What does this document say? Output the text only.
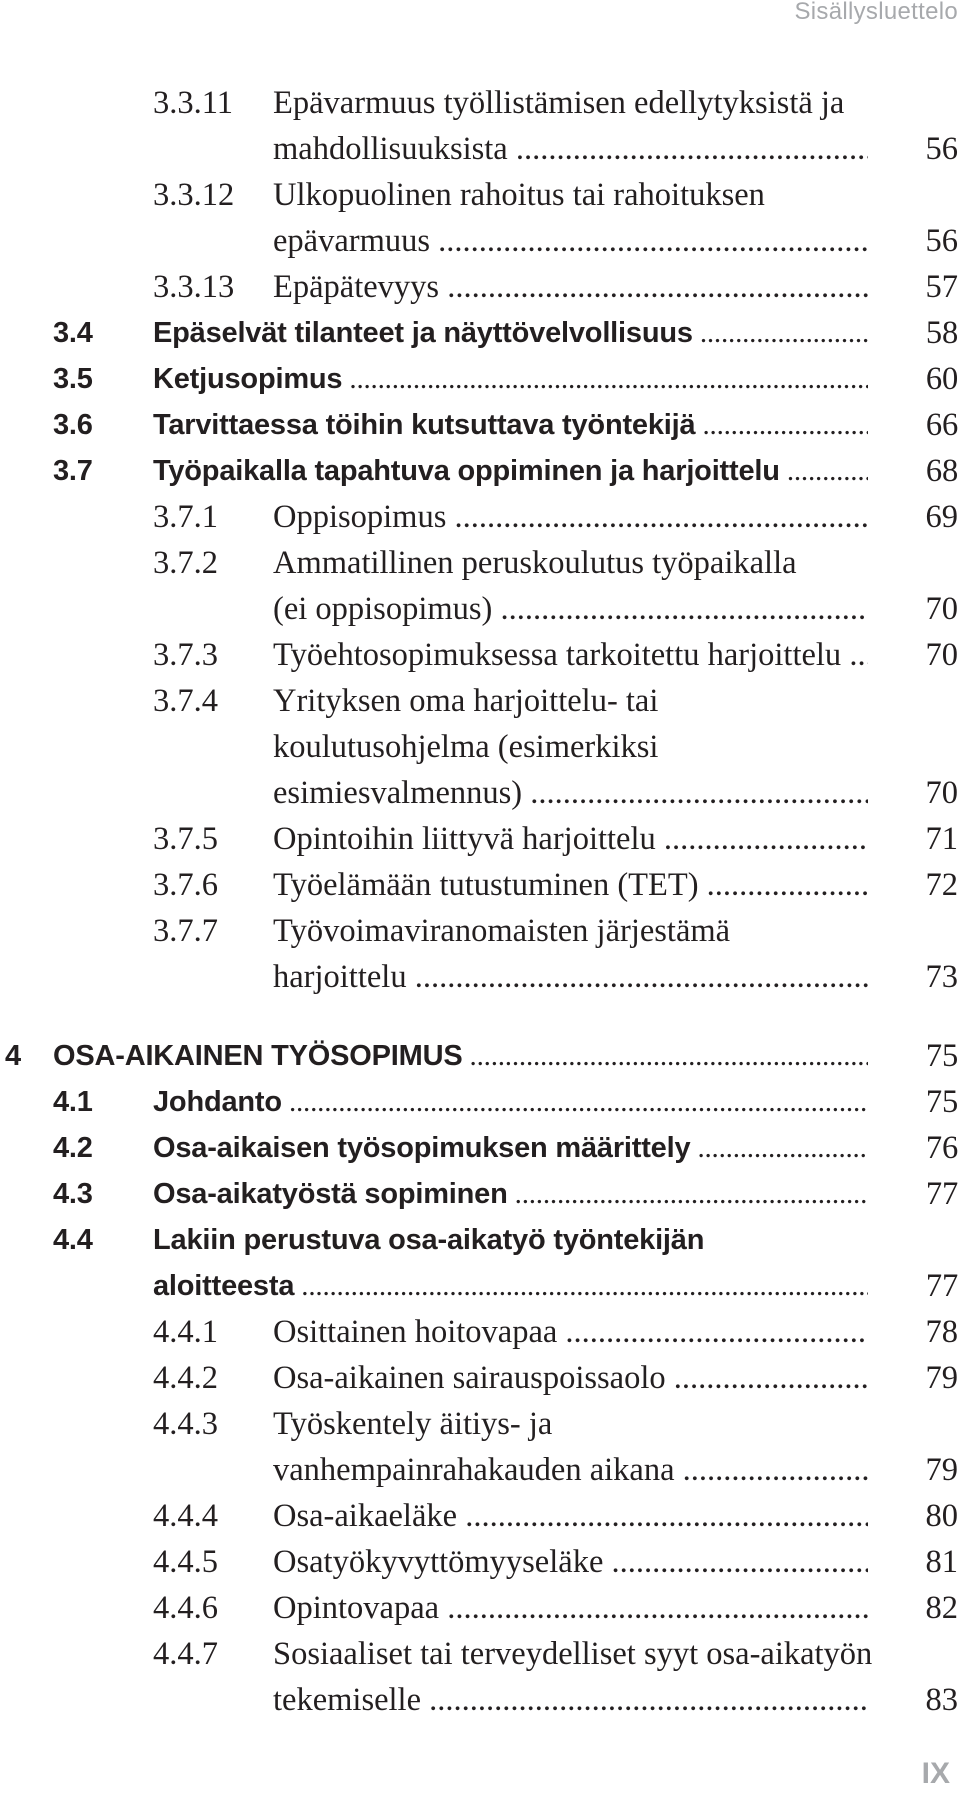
Sisällysluettelo
3.3.11 Epävarmuus työllistämisen edellytyksistä ja
mahdollisuuksista .....	56
3.3.12 Ulkopuolinen rahoitus tai rahoituksen
epävarmuus .....	56
3.3.13 Epäpätevyys .....	57
3.4 Epäselvät tilanteet ja näyttövelvollisuus .....	58
3.5 Ketjusopimus .....	60
3.6 Tarvittaessa töihin kutsuttava työntekijä .....	66
3.7 Työpaikalla tapahtuva oppiminen ja harjoittelu .....	68
3.7.1 Oppisopimus .....	69
3.7.2 Ammatillinen peruskoulutus työpaikalla
(ei oppisopimus) .....	70
3.7.3 Työehtosopimuksessa tarkoitettu harjoittelu .....	70
3.7.4 Yrityksen oma harjoittelu- tai
koulutusohjelma (esimerkiksi
esimiesvalmennus) .....	70
3.7.5 Opintoihin liittyvä harjoittelu .....	71
3.7.6 Työelämään tutustuminen (TET) .....	72
3.7.7 Työvoimaviranomaisten järjestämä
harjoittelu .....	73
4 OSA-AIKAINEN TYÖSOPIMUS .....	75
4.1 Johdanto .....	75
4.2 Osa-aikaisen työsopimuksen määrittely .....	76
4.3 Osa-aikatyöstä sopiminen .....	77
4.4 Lakiin perustuva osa-aikatyö työntekijän
aloitteesta .....	77
4.4.1 Osittainen hoitovapaa .....	78
4.4.2 Osa-aikainen sairauspoissaolo .....	79
4.4.3 Työskentely äitiys- ja
vanhempainrahakauden aikana .....	79
4.4.4 Osa-aikaeläke .....	80
4.4.5 Osatyökyvyttömyyseläke .....	81
4.4.6 Opintovapaa .....	82
4.4.7 Sosiaaliset tai terveydelliset syyt osa-aikatyön
tekemiselle .....	83
IX
